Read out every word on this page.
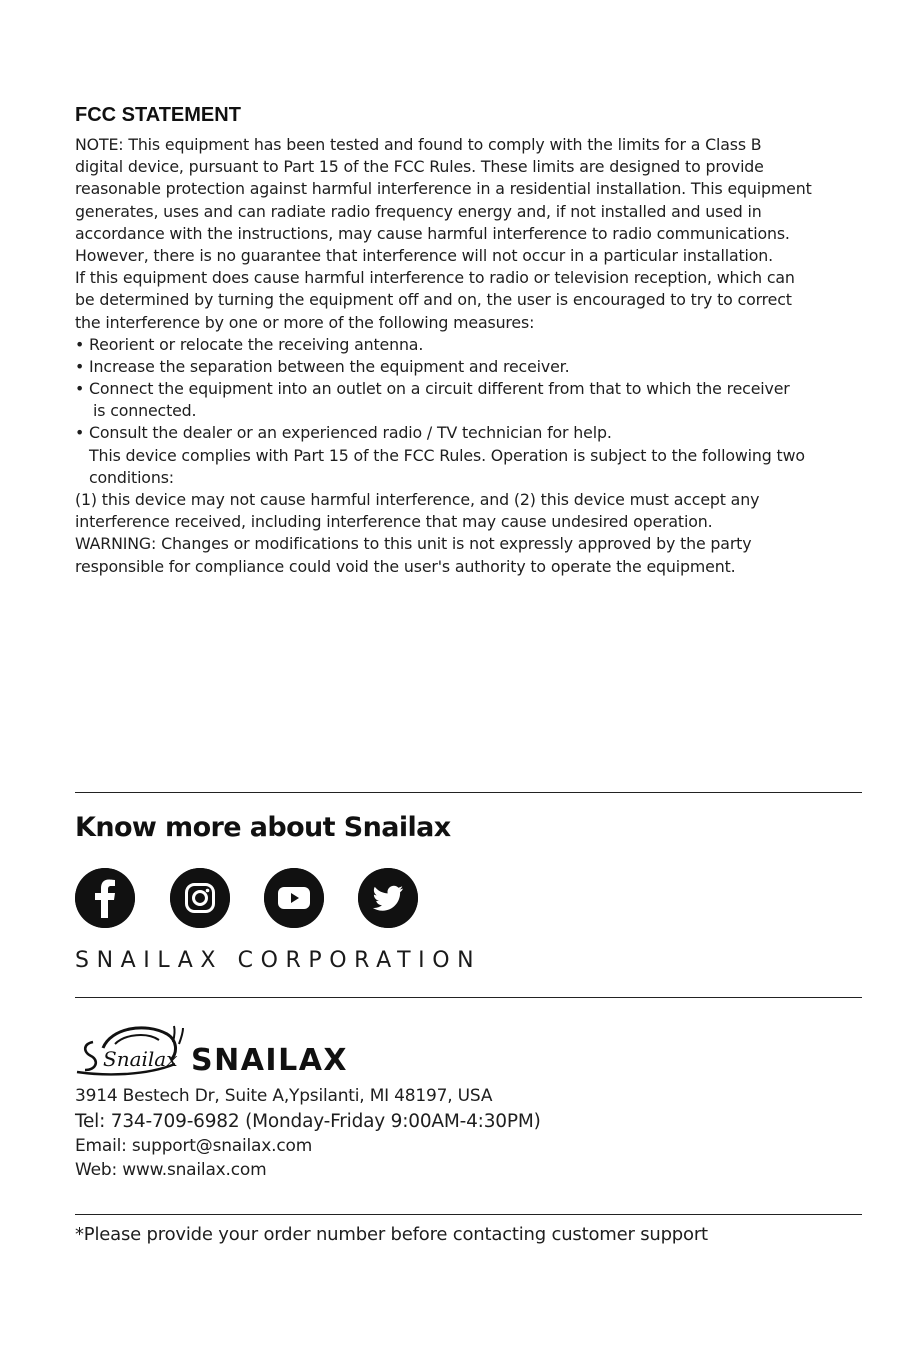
FCC STATEMENT
NOTE: This equipment has been tested and found to comply with the limits for a Class B
digital device, pursuant to Part 15 of the FCC Rules. These limits are designed to provide
reasonable protection against harmful interference in a residential installation. This equipment
generates, uses and can radiate radio frequency energy and, if not installed and used in
accordance with the instructions, may cause harmful interference to radio communications.
However, there is no guarantee that interference will not occur in a particular installation.
If this equipment does cause harmful interference to radio or television reception, which can
be determined by turning the equipment off and on, the user is encouraged to try to correct
the interference by one or more of the following measures:
• Reorient or relocate the receiving antenna.
• Increase the separation between the equipment and receiver.
• Connect the equipment into an outlet on a circuit different from that to which the receiver
is connected.
• Consult the dealer or an experienced radio / TV technician for help.
This device complies with Part 15 of the FCC Rules. Operation is subject to the following two
conditions:
(1) this device may not cause harmful interference, and (2) this device must accept any
interference received, including interference that may cause undesired operation.
WARNING: Changes or modifications to this unit is not expressly approved by the party
responsible for compliance could void the user's authority to operate the equipment.
Know more about Snailax
SNAILAX CORPORATION
Snailax SNAILAX
3914 Bestech Dr, Suite A,Ypsilanti, MI 48197, USA
Tel: 734-709-6982 (Monday-Friday 9:00AM-4:30PM)
Email: support@snailax.com
Web: www.snailax.com
*Please provide your order number before contacting customer support
